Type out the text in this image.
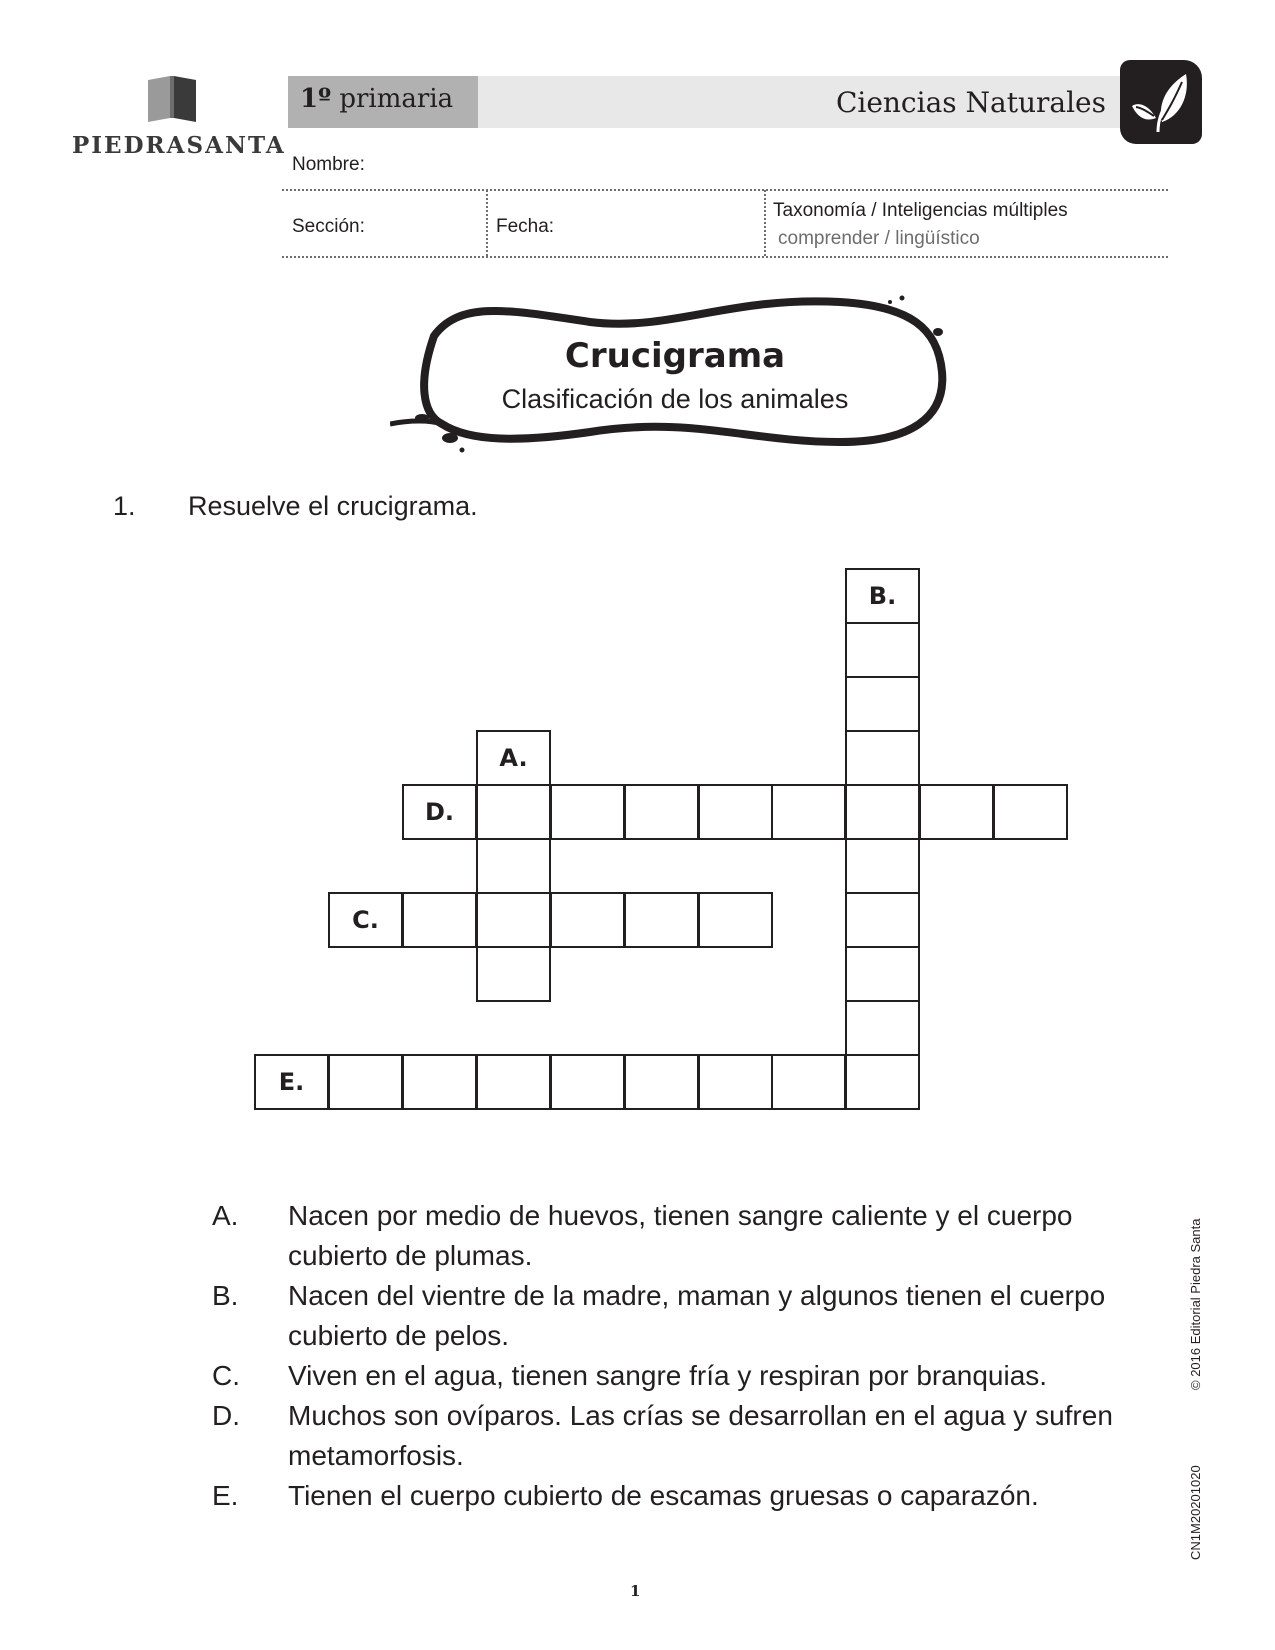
PIEDRASANTA
1º primaria	Ciencias Naturales
Nombre:
Sección:	Fecha:
Taxonomía / Inteligencias múltiples
comprender / lingüístico
Crucigrama
Clasificación de los animales
1. Resuelve el crucigrama.
B.
A.
D.
C.
E.
A.	Nacen por medio de huevos, tienen sangre caliente y el cuerpo cubierto de plumas.
B.	Nacen del vientre de la madre, maman y algunos tienen el cuerpo cubierto de pelos.
C.	Viven en el agua, tienen sangre fría y respiran por branquias.
D.	Muchos son ovíparos. Las crías se desarrollan en el agua y sufren metamorfosis.
E.	Tienen el cuerpo cubierto de escamas gruesas o caparazón.
© 2016 Editorial Piedra Santa
CN1M2020102​0
1
